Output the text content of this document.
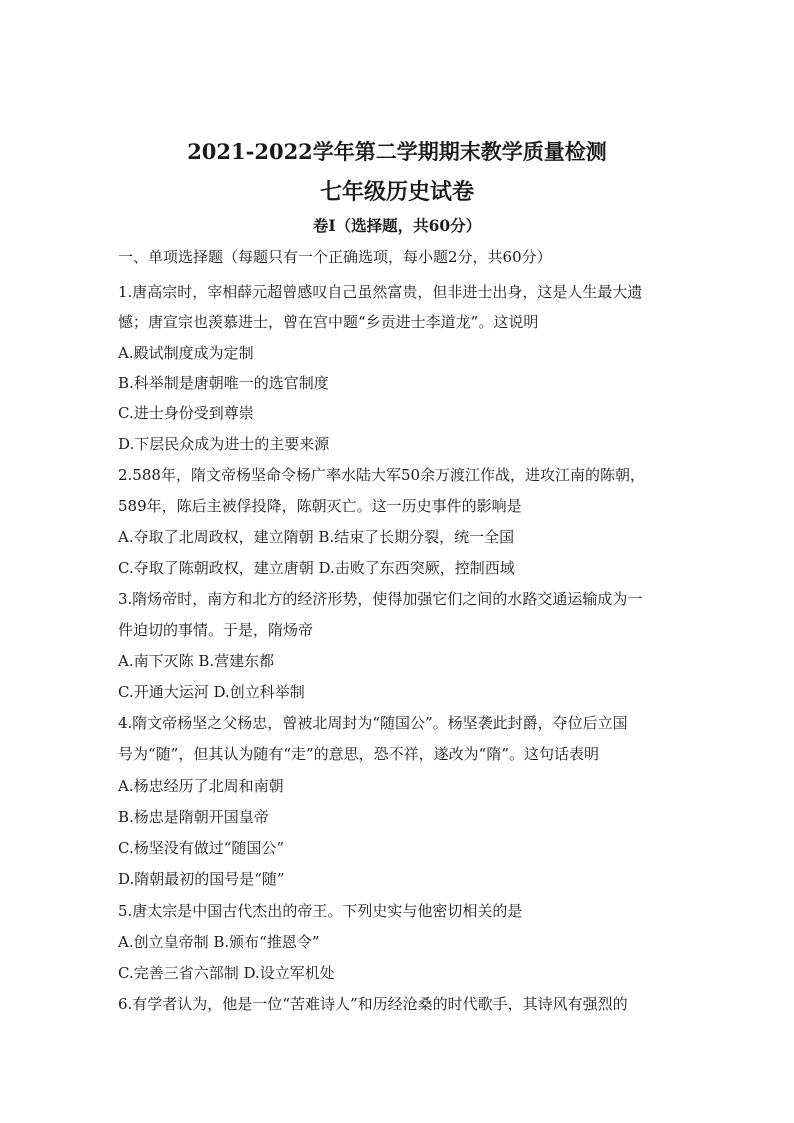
2021-2022学年第二学期期末教学质量检测
七年级历史试卷
卷Ⅰ（选择题，共60分）
一、单项选择题（每题只有一个正确选项，每小题2分，共60分）
1.唐高宗时，宰相薛元超曾感叹自己虽然富贵，但非进士出身，这是人生最大遗
憾；唐宣宗也羡慕进士，曾在宫中题“乡贡进士李道龙”。这说明
A.殿试制度成为定制
B.科举制是唐朝唯一的选官制度
C.进士身份受到尊崇
D.下层民众成为进士的主要来源
2.588年，隋文帝杨坚命令杨广率水陆大军50余万渡江作战，进攻江南的陈朝，
589年，陈后主被俘投降，陈朝灭亡。这一历史事件的影响是
A.夺取了北周政权，建立隋朝 B.结束了长期分裂，统一全国
C.夺取了陈朝政权，建立唐朝 D.击败了东西突厥，控制西域
3.隋炀帝时，南方和北方的经济形势，使得加强它们之间的水路交通运输成为一
件迫切的事情。于是，隋炀帝
A.南下灭陈 B.营建东都
C.开通大运河 D.创立科举制
4.隋文帝杨坚之父杨忠，曾被北周封为“随国公”。杨坚袭此封爵，夺位后立国
号为“随”，但其认为随有“走”的意思，恐不祥，遂改为“隋”。这句话表明
A.杨忠经历了北周和南朝
B.杨忠是隋朝开国皇帝
C.杨坚没有做过“随国公”
D.隋朝最初的国号是“随”
5.唐太宗是中国古代杰出的帝王。下列史实与他密切相关的是
A.创立皇帝制 B.颁布“推恩令”
C.完善三省六部制 D.设立军机处
6.有学者认为，他是一位“苦难诗人”和历经沧桑的时代歌手，其诗风有强烈的
